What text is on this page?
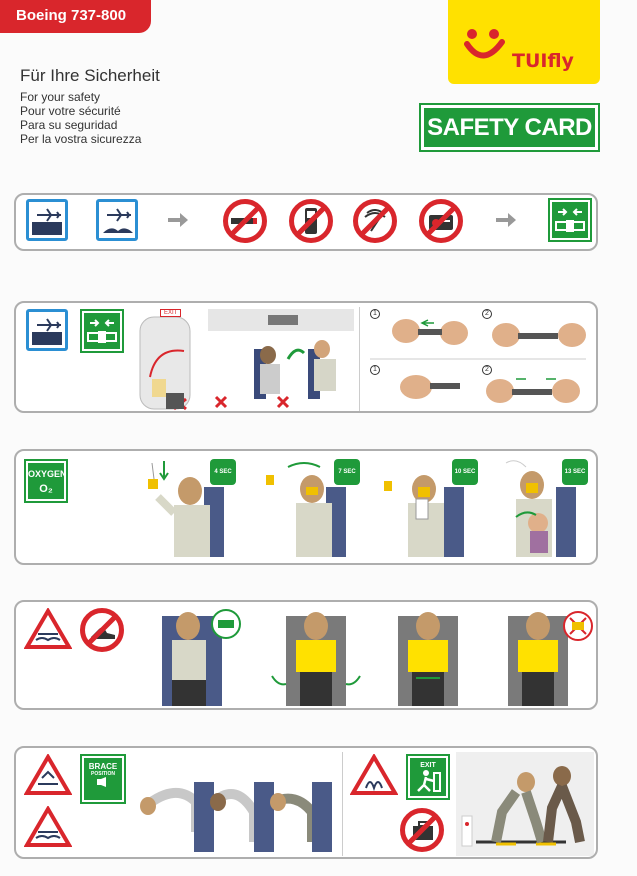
Boeing 737-800
TUIfly
Für Ihre Sicherheit
For your safety
Pour votre sécurité
Para su seguridad
Per la vostra sicurezza	SAFETY CARD
EXIT	1	2
1	2
OXYGEN
O₂
4 SEC	7 SEC	10 SEC	13 SEC
BRACE
POSITION
EXIT
